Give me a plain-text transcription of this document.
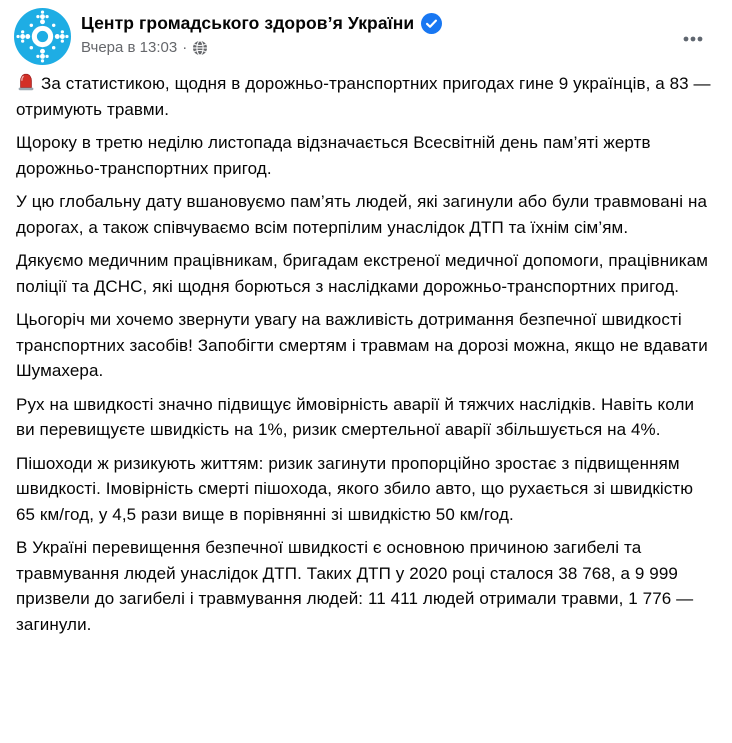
Центр громадського здоров’я України
Вчера в 13:03 ·

За статистикою, щодня в дорожньо-транспортних пригодах гине 9 українців, а 83 — отримують травми.

Щороку в третю неділю листопада відзначається Всесвітній день пам’яті жертв дорожньо-транспортних пригод.

У цю глобальну дату вшановуємо пам’ять людей, які загинули або були травмовані на дорогах, а також співчуваємо всім потерпілим унаслідок ДТП та їхнім сім’ям.

Дякуємо медичним працівникам, бригадам екстреної медичної допомоги, працівникам поліції та ДСНС, які щодня борються з наслідками дорожньо-транспортних пригод.

Цьогоріч ми хочемо звернути увагу на важливість дотримання безпечної швидкості транспортних засобів! Запобігти смертям і травмам на дорозі можна, якщо не вдавати Шумахера.

Рух на швидкості значно підвищує ймовірність аварії й тяжчих наслідків. Навіть коли ви перевищуєте швидкість на 1%, ризик смертельної аварії збільшується на 4%.

Пішоходи ж ризикують життям: ризик загинути пропорційно зростає з підвищенням швидкості. Імовірність смерті пішохода, якого збило авто, що рухається зі швидкістю 65 км/год, у 4,5 рази вище в порівнянні зі швидкістю 50 км/год.

В Україні перевищення безпечної швидкості є основною причиною загибелі та травмування людей унаслідок ДТП. Таких ДТП у 2020 році сталося 38 768, а 9 999 призвели до загибелі і травмування людей: 11 411 людей отримали травми, 1 776 — загинули.
